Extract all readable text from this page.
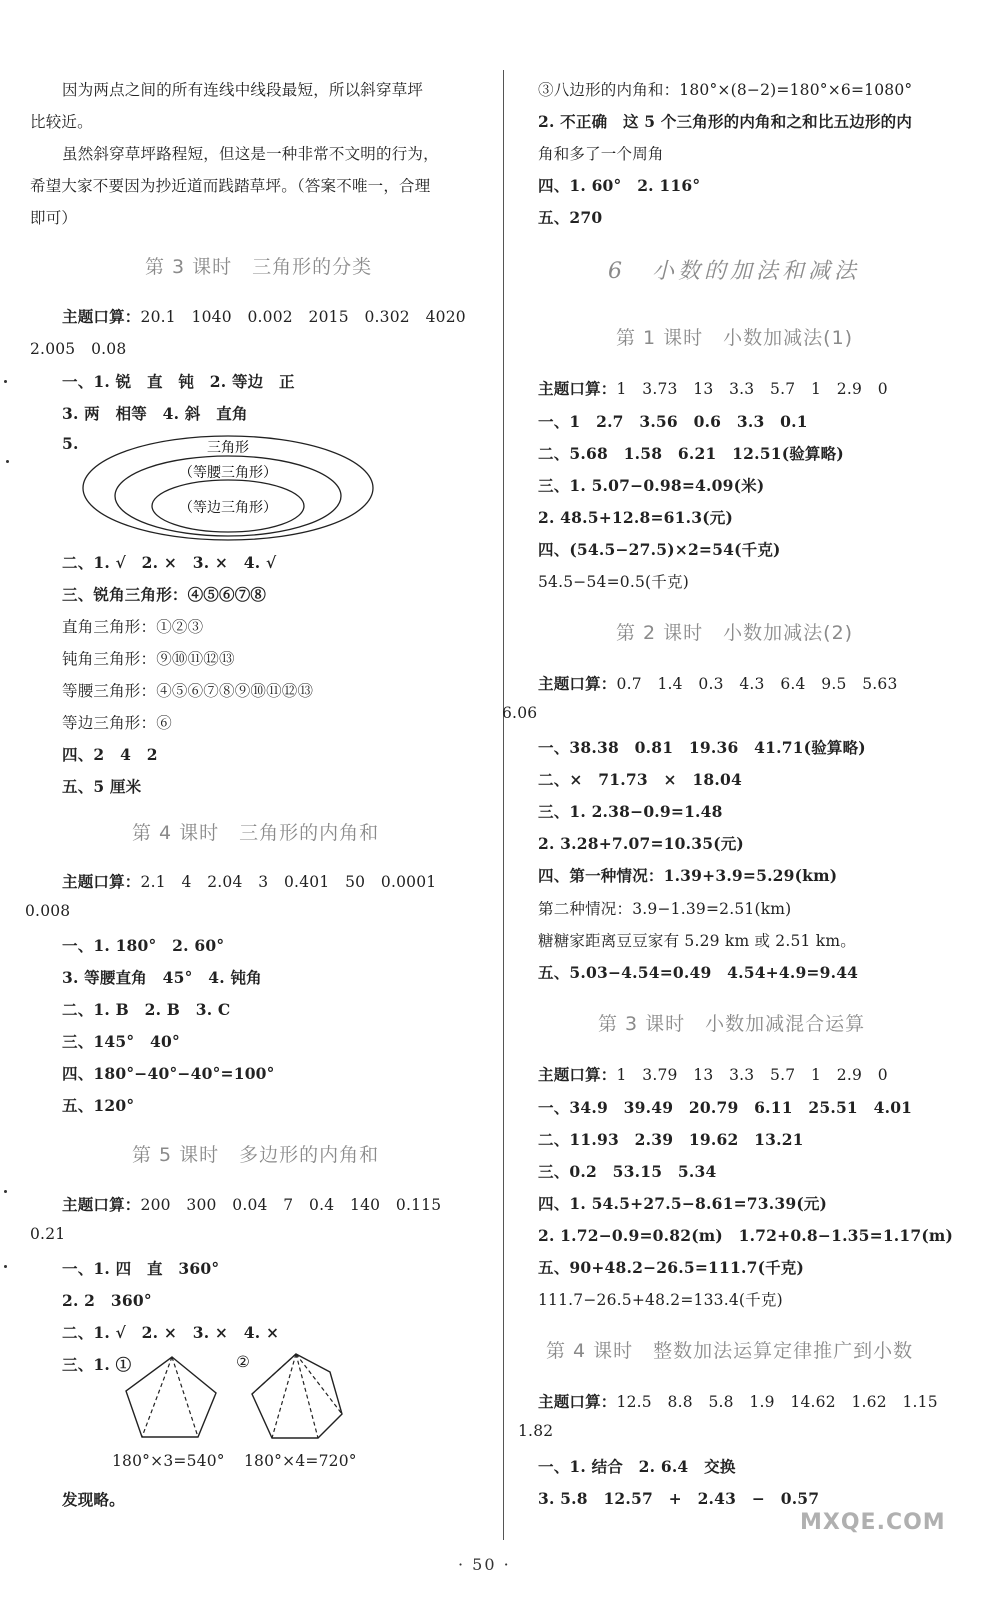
因为两点之间的所有连线中线段最短，所以斜穿草坪
比较近。
虽然斜穿草坪路程短，但这是一种非常不文明的行为，
希望大家不要因为抄近道而践踏草坪。（答案不唯一，合理
即可）
第 3 课时　三角形的分类
主题口算：20.1　1040　0.002　2015　0.302　4020
2.005　0.08
一、1. 锐　直　钝　2. 等边　正
3. 两　相等　4. 斜　直角
5.	三角形
（等腰三角形）
（等边三角形）
二、1. √　2. ×　3. ×　4. √
三、锐角三角形：④⑤⑥⑦⑧
直角三角形：①②③
钝角三角形：⑨⑩⑪⑫⑬
等腰三角形：④⑤⑥⑦⑧⑨⑩⑪⑫⑬
等边三角形：⑥
四、2　4　2
五、5 厘米
第 4 课时　三角形的内角和
主题口算：2.1　4　2.04　3　0.401　50　0.0001
0.008
一、1. 180°　2. 60°
3. 等腰直角　45°　4. 钝角
二、1. B　2. B　3. C
三、145°　40°
四、180°−40°−40°=100°
五、120°
第 5 课时　多边形的内角和
主题口算：200　300　0.04　7　0.4　140　0.115
0.21
一、1. 四　直　360°
2. 2　360°
二、1. √　2. ×　3. ×　4. ×
三、1. ①	②
180°×3=540° 180°×4=720°
发现略。
③八边形的内角和：180°×(8−2)=180°×6=1080°
2. 不正确　这 5 个三角形的内角和之和比五边形的内
角和多了一个周角
四、1. 60°　2. 116°
五、270
6　小数的加法和减法
第 1 课时　小数加减法(1)
主题口算：1　3.73　13　3.3　5.7　1　2.9　0
一、1　2.7　3.56　0.6　3.3　0.1
二、5.68　1.58　6.21　12.51(验算略)
三、1. 5.07−0.98=4.09(米)
2. 48.5+12.8=61.3(元)
四、(54.5−27.5)×2=54(千克)
54.5−54=0.5(千克)
第 2 课时　小数加减法(2)
主题口算：0.7　1.4　0.3　4.3　6.4　9.5　5.63
6.06
一、38.38　0.81　19.36　41.71(验算略)
二、×　71.73　×　18.04
三、1. 2.38−0.9=1.48
2. 3.28+7.07=10.35(元)
四、第一种情况：1.39+3.9=5.29(km)
第二种情况：3.9−1.39=2.51(km)
糖糖家距离豆豆家有 5.29 km 或 2.51 km。
五、5.03−4.54=0.49　4.54+4.9=9.44
第 3 课时　小数加减混合运算
主题口算：1　3.79　13　3.3　5.7　1　2.9　0
一、34.9　39.49　20.79　6.11　25.51　4.01
二、11.93　2.39　19.62　13.21
三、0.2　53.15　5.34
四、1. 54.5+27.5−8.61=73.39(元)
2. 1.72−0.9=0.82(m)　1.72+0.8−1.35=1.17(m)
五、90+48.2−26.5=111.7(千克)
111.7−26.5+48.2=133.4(千克)
第 4 课时　整数加法运算定律推广到小数
主题口算：12.5　8.8　5.8　1.9　14.62　1.62　1.15
1.82
一、1. 结合　2. 6.4　交换
3. 5.8　12.57　+　2.43　−　0.57
· 50 ·
MXQE.COM
